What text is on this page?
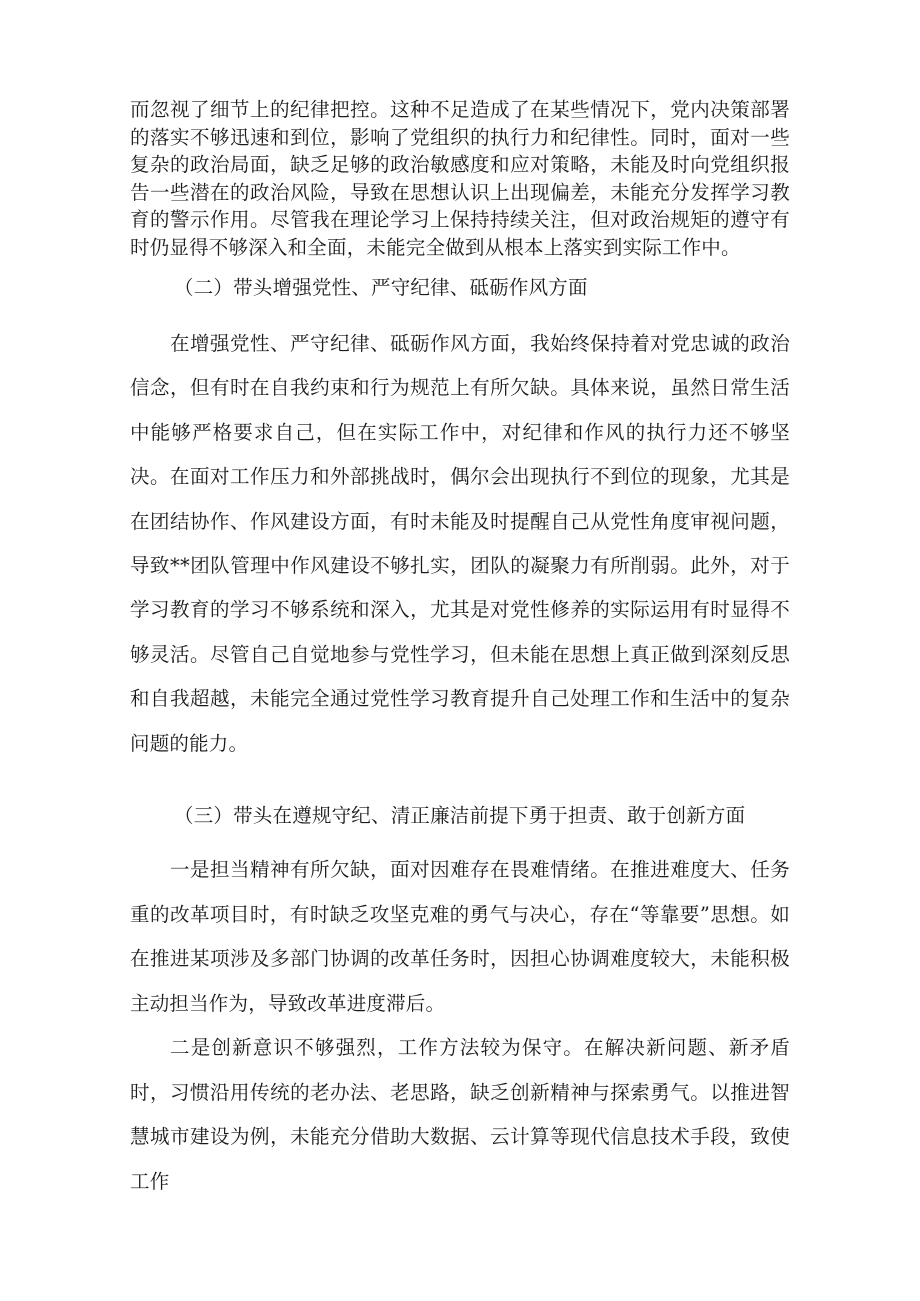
而忽视了细节上的纪律把控。这种不足造成了在某些情况下，党内决策部署的落实不够迅速和到位，影响了党组织的执行力和纪律性。同时，面对一些复杂的政治局面，缺乏足够的政治敏感度和应对策略，未能及时向党组织报告一些潜在的政治风险，导致在思想认识上出现偏差，未能充分发挥学习教育的警示作用。尽管我在理论学习上保持持续关注，但对政治规矩的遵守有时仍显得不够深入和全面，未能完全做到从根本上落实到实际工作中。

（二）带头增强党性、严守纪律、砥砺作风方面

在增强党性、严守纪律、砥砺作风方面，我始终保持着对党忠诚的政治信念，但有时在自我约束和行为规范上有所欠缺。具体来说，虽然日常生活中能够严格要求自己，但在实际工作中，对纪律和作风的执行力还不够坚决。在面对工作压力和外部挑战时，偶尔会出现执行不到位的现象，尤其是在团结协作、作风建设方面，有时未能及时提醒自己从党性角度审视问题，导致**团队管理中作风建设不够扎实，团队的凝聚力有所削弱。此外，对于学习教育的学习不够系统和深入，尤其是对党性修养的实际运用有时显得不够灵活。尽管自己自觉地参与党性学习，但未能在思想上真正做到深刻反思和自我超越，未能完全通过党性学习教育提升自己处理工作和生活中的复杂问题的能力。

（三）带头在遵规守纪、清正廉洁前提下勇于担责、敢于创新方面

一是担当精神有所欠缺，面对因难存在畏难情绪。在推进难度大、任务重的改革项目时，有时缺乏攻坚克难的勇气与决心，存在“等靠要”思想。如在推进某项涉及多部门协调的改革任务时，因担心协调难度较大，未能积极主动担当作为，导致改革进度滞后。

二是创新意识不够强烈，工作方法较为保守。在解决新问题、新矛盾时，习惯沿用传统的老办法、老思路，缺乏创新精神与探索勇气。以推进智慧城市建设为例，未能充分借助大数据、云计算等现代信息技术手段，致使工作
